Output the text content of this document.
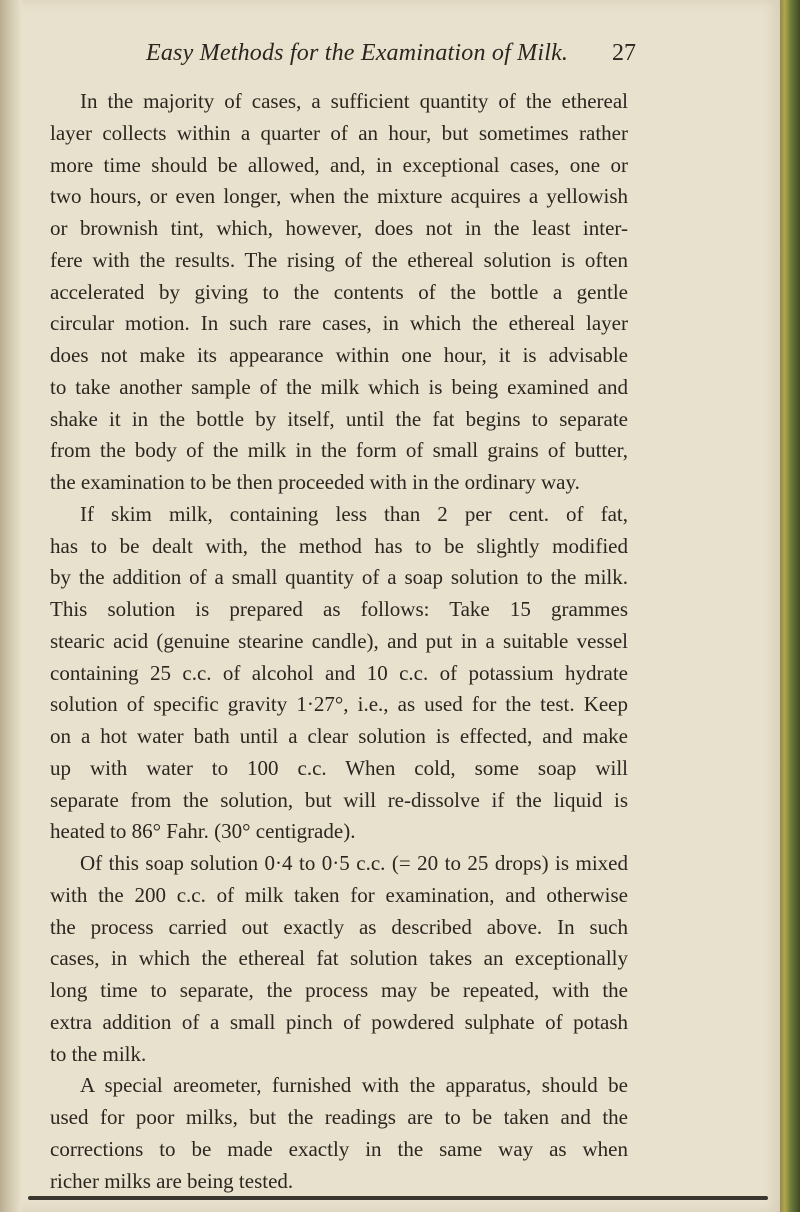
Easy Methods for the Examination of Milk. 27
In the majority of cases, a sufficient quantity of the ethereal
layer collects within a quarter of an hour, but sometimes rather
more time should be allowed, and, in exceptional cases, one or
two hours, or even longer, when the mixture acquires a yellowish
or brownish tint, which, however, does not in the least inter-
fere with the results. The rising of the ethereal solution is often
accelerated by giving to the contents of the bottle a gentle
circular motion. In such rare cases, in which the ethereal layer
does not make its appearance within one hour, it is advisable
to take another sample of the milk which is being examined and
shake it in the bottle by itself, until the fat begins to separate
from the body of the milk in the form of small grains of butter,
the examination to be then proceeded with in the ordinary way.
If skim milk, containing less than 2 per cent. of fat,
has to be dealt with, the method has to be slightly modified
by the addition of a small quantity of a soap solution to the milk.
This solution is prepared as follows: Take 15 grammes
stearic acid (genuine stearine candle), and put in a suitable vessel
containing 25 c.c. of alcohol and 10 c.c. of potassium hydrate
solution of specific gravity 1·27°, i.e., as used for the test. Keep
on a hot water bath until a clear solution is effected, and make
up with water to 100 c.c. When cold, some soap will
separate from the solution, but will re-dissolve if the liquid is
heated to 86° Fahr. (30° centigrade).
Of this soap solution 0·4 to 0·5 c.c. (= 20 to 25 drops) is mixed
with the 200 c.c. of milk taken for examination, and otherwise
the process carried out exactly as described above. In such
cases, in which the ethereal fat solution takes an exceptionally
long time to separate, the process may be repeated, with the
extra addition of a small pinch of powdered sulphate of potash
to the milk.
A special areometer, furnished with the apparatus, should be
used for poor milks, but the readings are to be taken and the
corrections to be made exactly in the same way as when
richer milks are being tested.
